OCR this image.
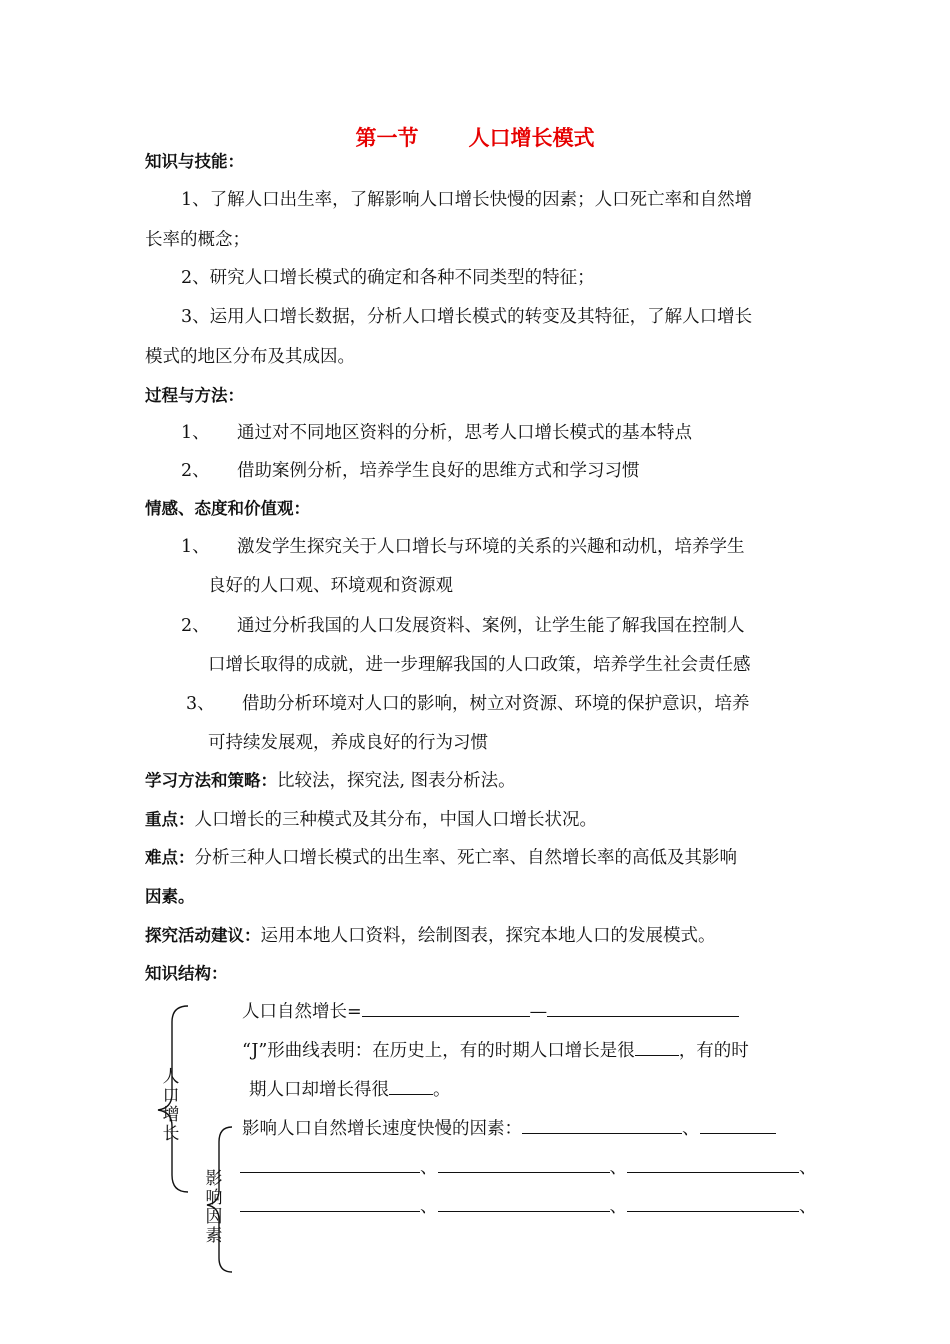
第一节 人口增长模式
知识与技能：
1、了解人口出生率，了解影响人口增长快慢的因素；人口死亡率和自然增
长率的概念；
2、研究人口增长模式的确定和各种不同类型的特征；
3、运用人口增长数据，分析人口增长模式的转变及其特征，了解人口增长
模式的地区分布及其成因。
过程与方法：
1、 通过对不同地区资料的分析，思考人口增长模式的基本特点
2、 借助案例分析，培养学生良好的思维方式和学习习惯
情感、态度和价值观：
1、 激发学生探究关于人口增长与环境的关系的兴趣和动机，培养学生
良好的人口观、环境观和资源观
2、 通过分析我国的人口发展资料、案例，让学生能了解我国在控制人
口增长取得的成就，进一步理解我国的人口政策，培养学生社会责任感
3、 借助分析环境对人口的影响，树立对资源、环境的保护意识，培养
可持续发展观，养成良好的行为习惯
学习方法和策略：比较法，探究法, 图表分析法。
重点：人口增长的三种模式及其分布，中国人口增长状况。
难点：分析三种人口增长模式的出生率、死亡率、自然增长率的高低及其影响
因素。
探究活动建议：运用本地人口资料，绘制图表，探究本地人口的发展模式。
知识结构：
人
口
增
长
影
响
因
素
人口自然增长=	—
“J”形曲线表明：在历史上，有的时期人口增长是很	，有的时
期人口却增长得很	。
影响人口自然增长速度快慢的因素：	、
、	、	、
、	、	、
